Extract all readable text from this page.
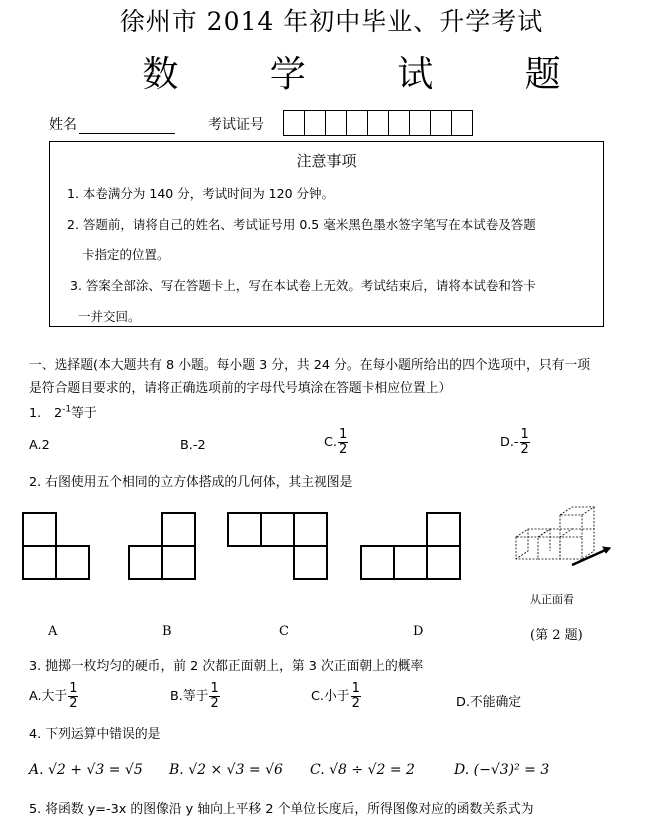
徐州市 2014 年初中毕业、升学考试
数 学 试 题
姓名	考试证号
注意事项
1. 本卷满分为 140 分，考试时间为 120 分钟。
2. 答题前，请将自己的姓名、考试证号用 0.5 毫米黑色墨水签字笔写在本试卷及答题
卡指定的位置。
3. 答案全部涂、写在答题卡上，写在本试卷上无效。考试结束后，请将本试卷和答卡
一并交回。
一、选择题(本大题共有 8 小题。每小题 3 分，共 24 分。在每小题所给出的四个选项中，只有一项
是符合题目要求的，请将正确选项前的字母代号填涂在答题卡相应位置上）
1.　$2^{-1}$等于
A.2	B.-2	C. $\frac{1}{2}$	$D.- \frac{1}{2}$
2. 右图使用五个相同的立方体搭成的几何体，其主视图是
从正面看
A	B	C	D	(第 2 题)
3. 抛掷一枚均匀的硬币，前 2 次都正面朝上，第 3 次正面朝上的概率
A.大于 $\frac{1}{2}$	B.等于 $\frac{1}{2}$	C.小于 $\frac{1}{2}$	D.不能确定
4. 下列运算中错误的是
A. √2 + √3 = √5 B. √2 × √3 = √6 C. √8 ÷ √2 = 2	D. (−√3)² = 3
5. 将函数 y=-3x 的图像沿 y 轴向上平移 2 个单位长度后，所得图像对应的函数关系式为
